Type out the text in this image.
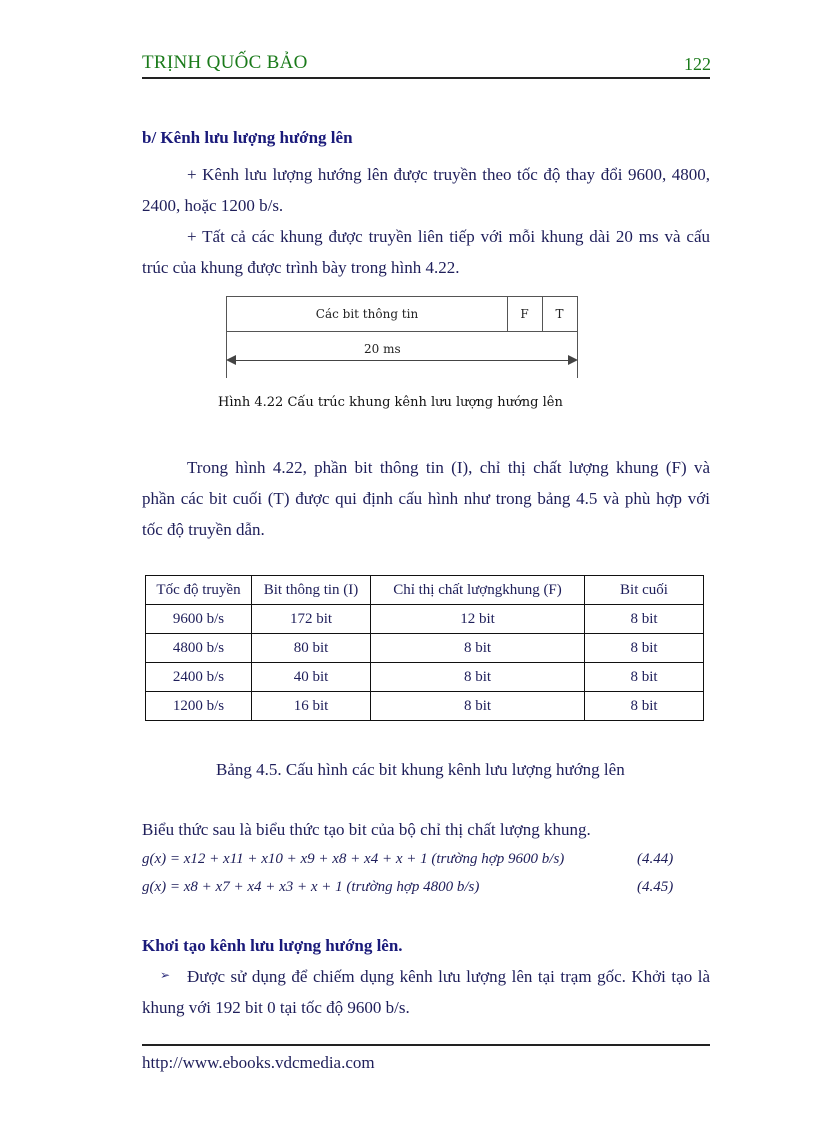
TRỊNH QUỐC BẢO	122
b/ Kênh lưu lượng hướng lên
+ Kênh lưu lượng hướng lên được truyền theo tốc độ thay đổi 9600, 4800,
2400, hoặc 1200 b/s.
+ Tất cả các khung được truyền liên tiếp với mỗi khung dài 20 ms và cấu
trúc của khung được trình bày trong hình 4.22.
Các bit thông tin	F	T
20 ms
Hình 4.22 Cấu trúc khung kênh lưu lượng hướng lên
Trong hình 4.22, phần bit thông tin (I), chỉ thị chất lượng khung (F) và
phần các bit cuối (T) được qui định cấu hình như trong bảng 4.5 và phù hợp với
tốc độ truyền dẫn.
Tốc độ truyền	Bit thông tin (I)	Chỉ thị chất lượngkhung (F)	Bit cuối
9600 b/s	172 bit	12 bit	8 bit
4800 b/s	80 bit	8 bit	8 bit
2400 b/s	40 bit	8 bit	8 bit
1200 b/s	16 bit	8 bit	8 bit
Bảng 4.5. Cấu hình các bit khung kênh lưu lượng hướng lên
Biểu thức sau là biểu thức tạo bit của bộ chỉ thị chất lượng khung.
g(x) = x12 + x11 + x10 + x9 + x8 + x4 + x + 1 (trường hợp 9600 b/s)	(4.44)
g(x) = x8 + x7 + x4 + x3 + x + 1 (trường hợp 4800 b/s)	(4.45)
Khơi tạo kênh lưu lượng hướng lên.
➢ Được sử dụng để chiếm dụng kênh lưu lượng lên tại trạm gốc. Khởi tạo là
khung với 192 bit 0 tại tốc độ 9600 b/s.
http://www.ebooks.vdcmedia.com
